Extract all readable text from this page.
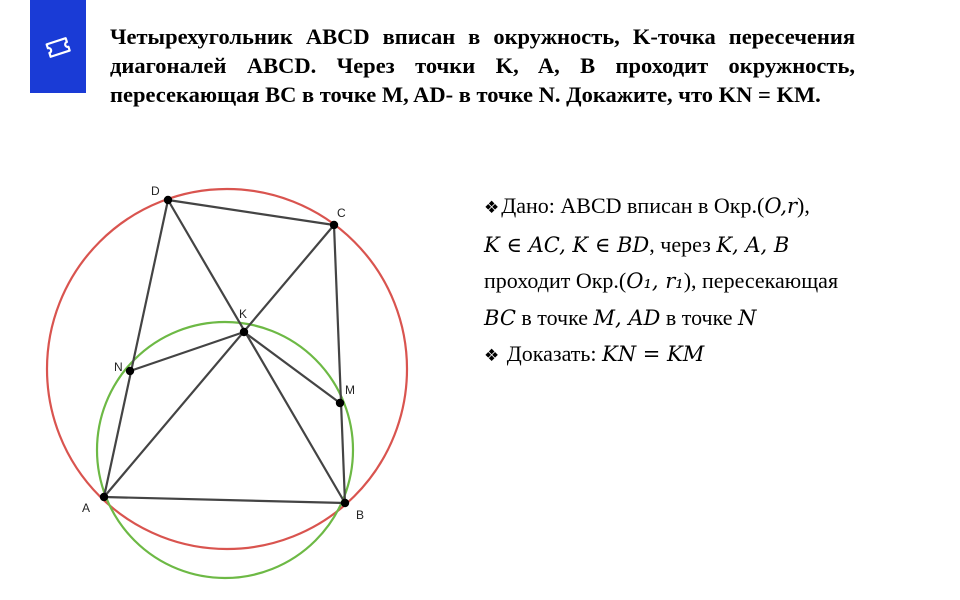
Четырехугольник ABCD вписан в окружность, K-точка пересечения диагоналей ABCD. Через точки K, A, B проходит окружность, пересекающая BC в точке M, AD- в точке N. Докажите, что KN = KM.
A	B
C
D
K
M
N
❖Дано: ABCD вписан в Окр.(O,r),
K ∈ AC, K ∈ BD, через K, A, B
проходит Окр.(O₁, r₁), пересекающая
BC в точке M, AD в точке N
❖ Доказать: KN = KM
